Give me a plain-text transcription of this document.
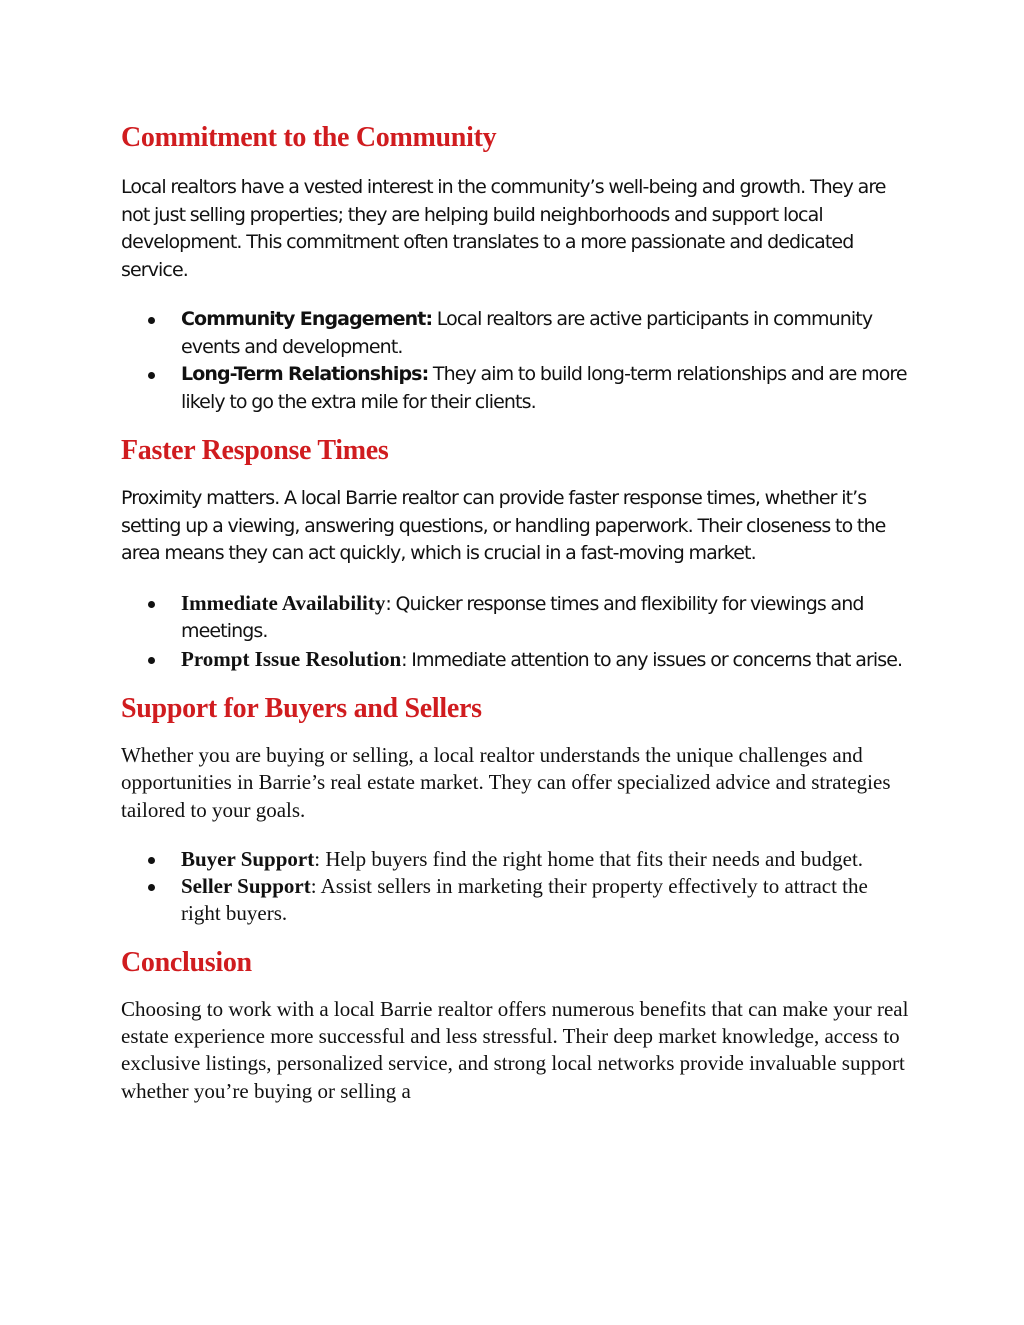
Commitment to the Community

Local realtors have a vested interest in the community’s well-being and growth. They are not just selling properties; they are helping build neighborhoods and support local development. This commitment often translates to a more passionate and dedicated service.

Community Engagement: Local realtors are active participants in community events and development.
Long-Term Relationships: They aim to build long-term relationships and are more likely to go the extra mile for their clients.
Faster Response Times

Proximity matters. A local Barrie realtor can provide faster response times, whether it’s setting up a viewing, answering questions, or handling paperwork. Their closeness to the area means they can act quickly, which is crucial in a fast-moving market.

Immediate Availability: Quicker response times and flexibility for viewings and meetings.
Prompt Issue Resolution: Immediate attention to any issues or concerns that arise.
Support for Buyers and Sellers

Whether you are buying or selling, a local realtor understands the unique challenges and opportunities in Barrie’s real estate market. They can offer specialized advice and strategies tailored to your goals.

Buyer Support: Help buyers find the right home that fits their needs and budget.
Seller Support: Assist sellers in marketing their property effectively to attract the right buyers.
Conclusion

Choosing to work with a local Barrie realtor offers numerous benefits that can make your real estate experience more successful and less stressful. Their deep market knowledge, access to exclusive listings, personalized service, and strong local networks provide invaluable support whether you’re buying or selling a
